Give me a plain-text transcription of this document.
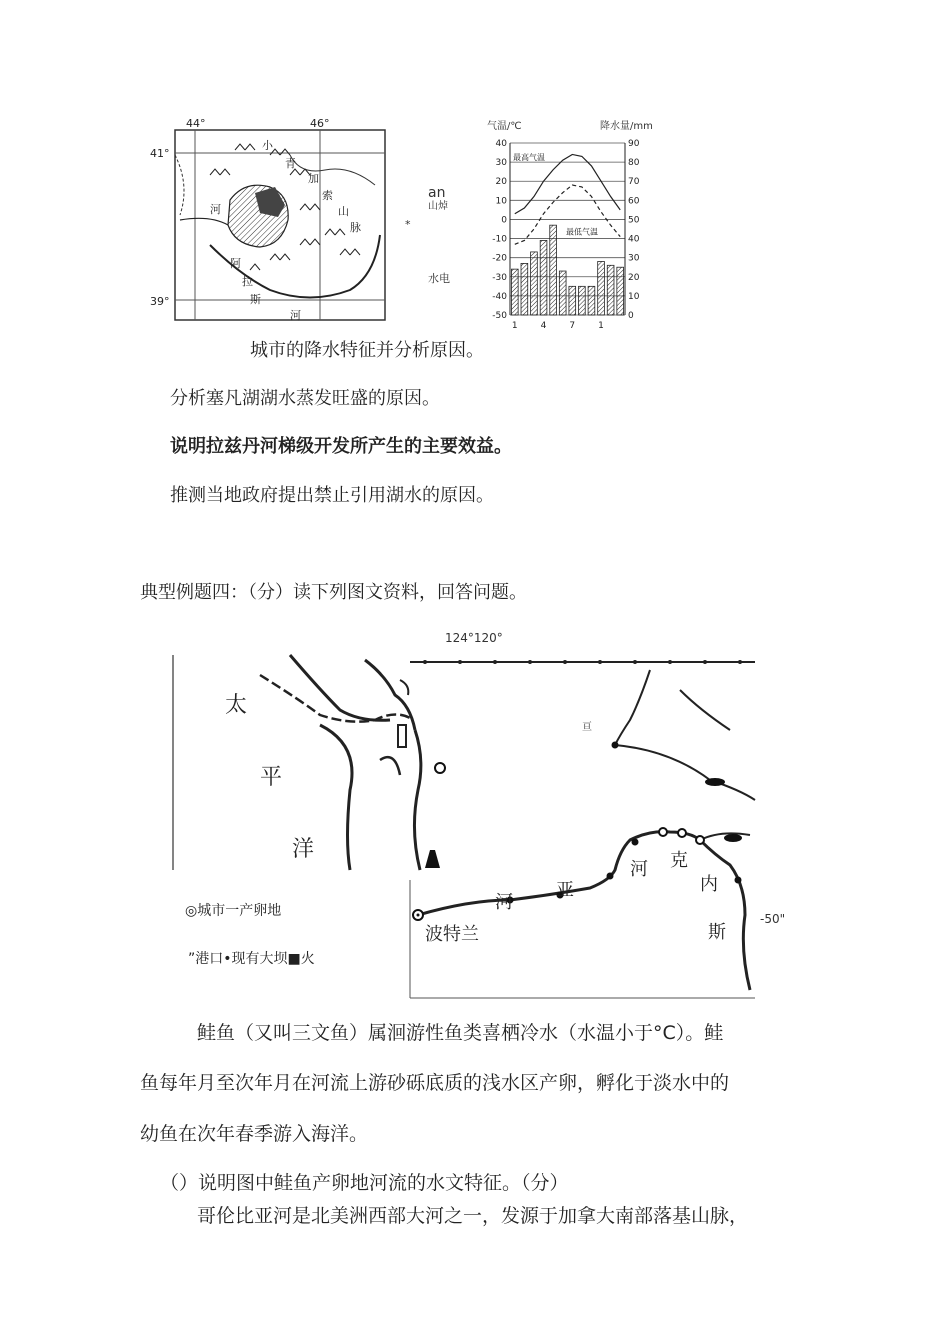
44°	46°
41°
39°
小
青
加
索
山
脉
河
阿
拉
斯
河
an
山焯
水电
*
气温/℃	降水量/mm
40
30
20
10
0
-10
-20
-30
-40
-50
90
80
70
60
50
40
30
20
10
0
最高气温
最低气温
1	4	7	1
城市的降水特征并分析原因。
分析塞凡湖湖水蒸发旺盛的原因。
说明拉兹丹河梯级开发所产生的主要效益。
推测当地政府提出禁止引用湖水的原因。
典型例题四：（分）读下列图文资料，回答问题。
124°120°
太
平
洋
河
亚
河 克
内
斯
波特兰
-50"
亘
◎城市一产卵地
”港口•现有大坝■火
鲑鱼（又叫三文鱼）属洄游性鱼类喜栖冷水（水温小于°C）。鲑
鱼每年月至次年月在河流上游砂砾底质的浅水区产卵，孵化于淡水中的
幼鱼在次年春季游入海洋。
（）说明图中鲑鱼产卵地河流的水文特征。（分）
哥伦比亚河是北美洲西部大河之一，发源于加拿大南部落基山脉，
